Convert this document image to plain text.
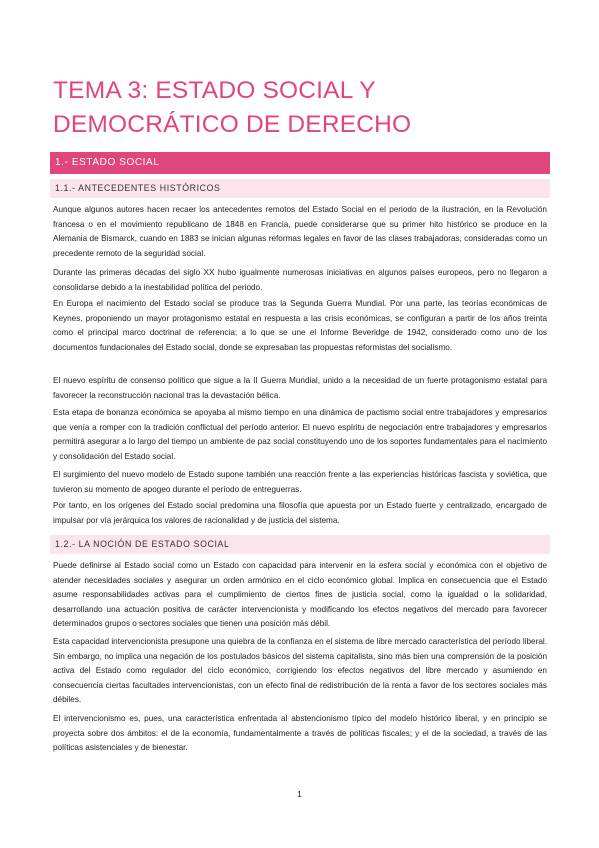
TEMA 3: ESTADO SOCIAL Y DEMOCRÁTICO DE DERECHO
1.- ESTADO SOCIAL
1.1.- ANTECEDENTES HISTÓRICOS

Aunque algunos autores hacen recaer los antecedentes remotos del Estado Social en el periodo de la ilustración, en la Revolución francesa o en el movimiento republicano de 1848 en Francia, puede considerarse que su primer hito histórico se produce en la Alemania de Bismarck, cuando en 1883 se inician algunas reformas legales en favor de las clases trabajadoras, consideradas como un precedente remoto de la seguridad social.

Durante las primeras décadas del siglo XX hubo igualmente numerosas iniciativas en algunos países europeos, pero no llegaron a consolidarse debido a la inestabilidad política del periodo.

En Europa el nacimiento del Estado social se produce tras la Segunda Guerra Mundial. Por una parte, las teorías económicas de Keynes, proponiendo un mayor protagonismo estatal en respuesta a las crisis económicas, se configuran a partir de los años treinta como el principal marco doctrinal de referencia; a lo que se une el Informe Beveridge de 1942, considerado como uno de los documentos fundacionales del Estado social, donde se expresaban las propuestas reformistas del socialismo.

El nuevo espíritu de consenso político que sigue a la II Guerra Mundial, unido a la necesidad de un fuerte protagonismo estatal para favorecer la reconstrucción nacional tras la devastación bélica.

Esta etapa de bonanza económica se apoyaba al mismo tiempo en una dinámica de pactismo social entre trabajadores y empresarios que venía a romper con la tradición conflictual del período anterior. El nuevo espíritu de negociación entre trabajadores y empresarios permitirá asegurar a lo largo del tiempo un ambiente de paz social constituyendo uno de los soportes fundamentales para el nacimiento y consolidación del Estado social.

El surgimiento del nuevo modelo de Estado supone también una reacción frente a las experiencias históricas fascista y soviética, que tuvieron su momento de apogeo durante el período de entreguerras.

Por tanto, en los orígenes del Estado social predomina una filosofía que apuesta por un Estado fuerte y centralizado, encargado de impulsar por vía jerárquica los valores de racionalidad y de justicia del sistema.

1.2.- LA NOCIÓN DE ESTADO SOCIAL

Puede definirse al Estado social como un Estado con capacidad para intervenir en la esfera social y económica con el objetivo de atender necesidades sociales y asegurar un orden armónico en el ciclo económico global. Implica en consecuencia que el Estado asume responsabilidades activas para el cumplimiento de ciertos fines de justicia social, como la igualdad o la solidaridad, desarrollando una actuación positiva de carácter intervencionista y modificando los efectos negativos del mercado para favorecer determinados grupos o sectores sociales que tienen una posición más débil.

Esta capacidad intervencionista presupone una quiebra de la confianza en el sistema de libre mercado característica del período liberal. Sin embargo, no implica una negación de los postulados básicos del sistema capitalista, sino más bien una comprensión de la posición activa del Estado como regulador del ciclo económico, corrigiendo los efectos negativos del libre mercado y asumiendo en consecuencia ciertas facultades intervencionistas, con un efecto final de redistribución de la renta a favor de los sectores sociales más débiles.

El intervencionismo es, pues, una característica enfrentada al abstencionismo típico del modelo histórico liberal, y en principio se proyecta sobre dos ámbitos: el de la economía, fundamentalmente a través de políticas fiscales; y el de la sociedad, a través de las políticas asistenciales y de bienestar.

1
